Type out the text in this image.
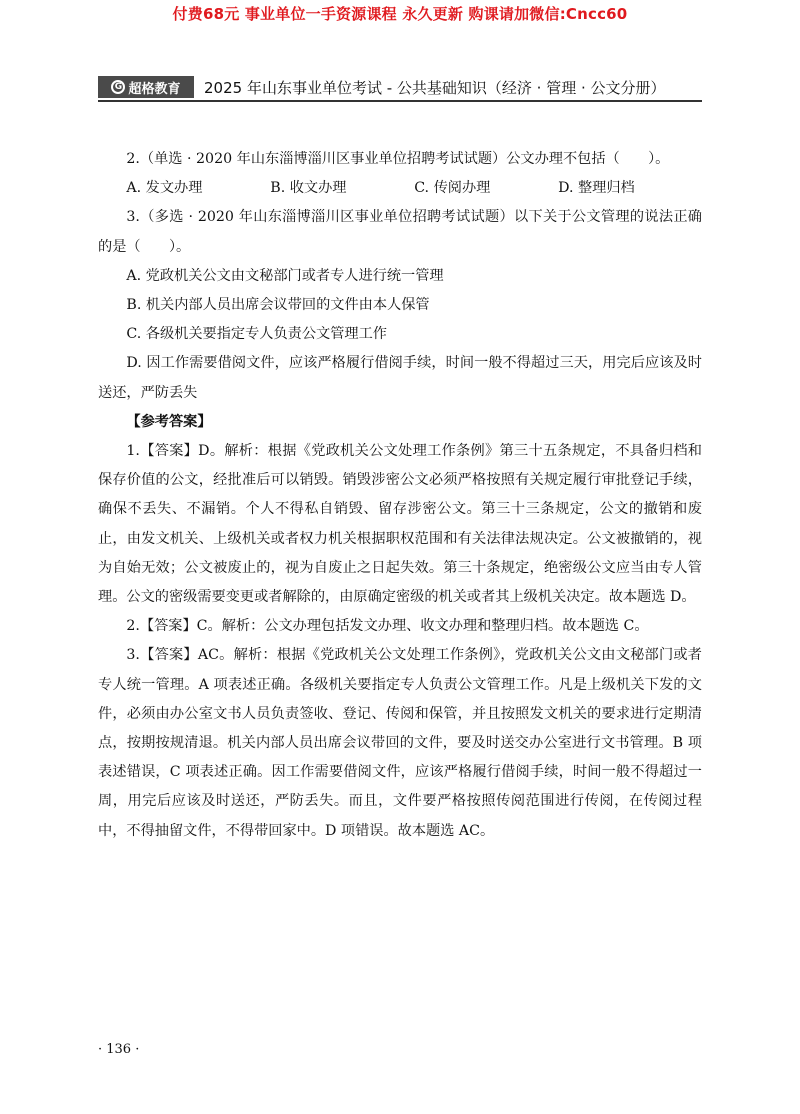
付费68元 事业单位一手资源课程 永久更新 购课请加微信:Cncc60
G 超格教育 2025 年山东事业单位考试 - 公共基础知识（经济 · 管理 · 公文分册）

2.（单选 · 2020 年山东淄博淄川区事业单位招聘考试试题）公文办理不包括（　　）。

A. 发文办理	B. 收文办理	C. 传阅办理	D. 整理归档

3.（多选 · 2020 年山东淄博淄川区事业单位招聘考试试题）以下关于公文管理的说法正确的是（　　）。

A. 党政机关公文由文秘部门或者专人进行统一管理

B. 机关内部人员出席会议带回的文件由本人保管

C. 各级机关要指定专人负责公文管理工作

D. 因工作需要借阅文件，应该严格履行借阅手续，时间一般不得超过三天，用完后应该及时送还，严防丢失

【参考答案】

1.【答案】D。解析：根据《党政机关公文处理工作条例》第三十五条规定，不具备归档和保存价值的公文，经批准后可以销毁。销毁涉密公文必须严格按照有关规定履行审批登记手续，确保不丢失、不漏销。个人不得私自销毁、留存涉密公文。第三十三条规定，公文的撤销和废止，由发文机关、上级机关或者权力机关根据职权范围和有关法律法规决定。公文被撤销的，视为自始无效；公文被废止的，视为自废止之日起失效。第三十条规定，绝密级公文应当由专人管理。公文的密级需要变更或者解除的，由原确定密级的机关或者其上级机关决定。故本题选 D。

2.【答案】C。解析：公文办理包括发文办理、收文办理和整理归档。故本题选 C。

3.【答案】AC。解析：根据《党政机关公文处理工作条例》，党政机关公文由文秘部门或者专人统一管理。A 项表述正确。各级机关要指定专人负责公文管理工作。凡是上级机关下发的文件，必须由办公室文书人员负责签收、登记、传阅和保管，并且按照发文机关的要求进行定期清点，按期按规清退。机关内部人员出席会议带回的文件，要及时送交办公室进行文书管理。B 项表述错误，C 项表述正确。因工作需要借阅文件，应该严格履行借阅手续，时间一般不得超过一周，用完后应该及时送还，严防丢失。而且，文件要严格按照传阅范围进行传阅，在传阅过程中，不得抽留文件，不得带回家中。D 项错误。故本题选 AC。

· 136 ·
